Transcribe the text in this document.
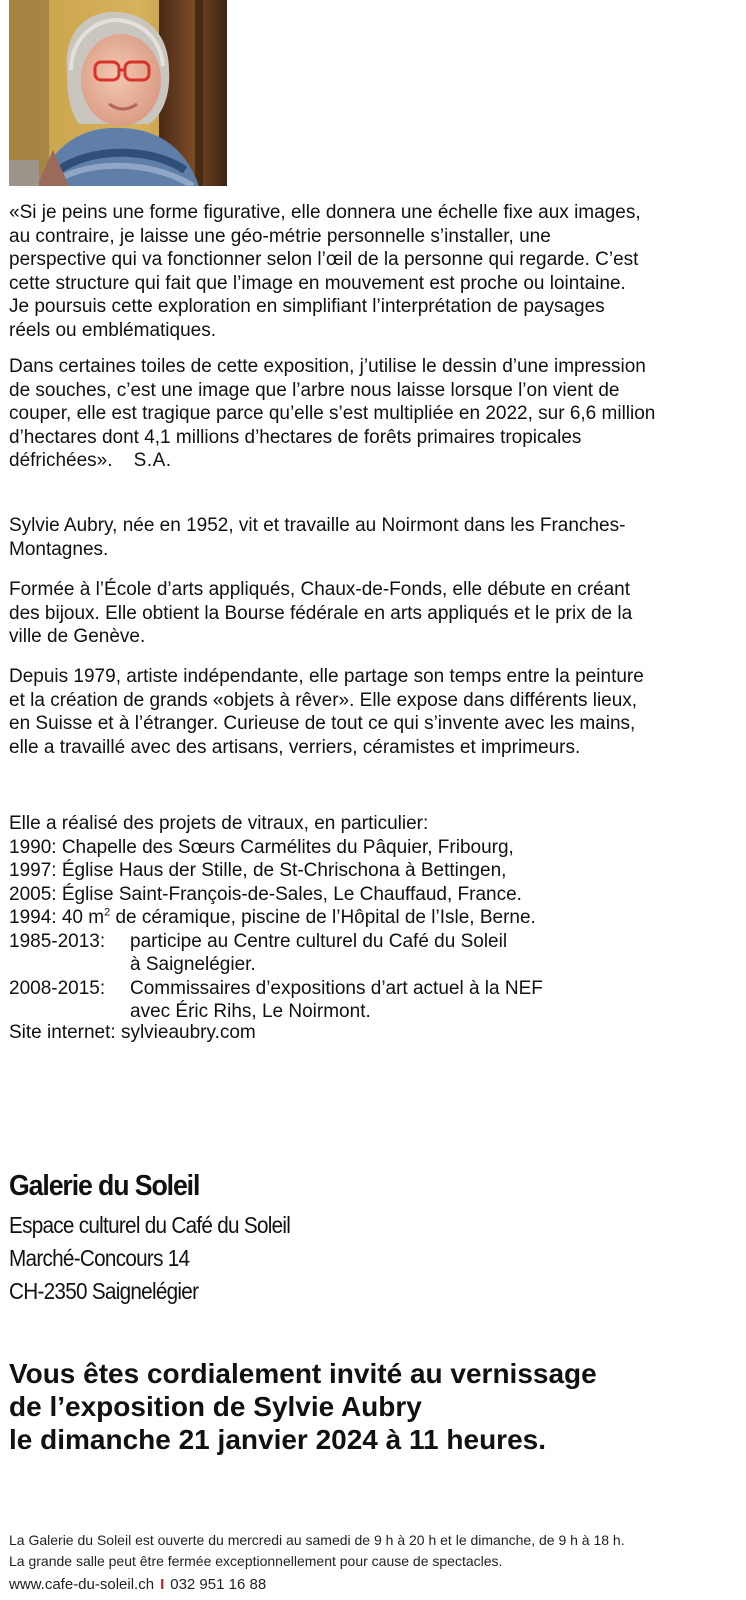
«Si je peins une forme figurative, elle donnera une échelle fixe aux images, au contraire, je laisse une géo-métrie personnelle s’installer, une perspective qui va fonctionner selon l’œil de la personne qui regarde. C’est cette structure qui fait que l’image en mouvement est proche ou lointaine. Je poursuis cette exploration en simplifiant l’interprétation de paysages réels ou emblématiques.

Dans certaines toiles de cette exposition, j’utilise le dessin d’une impression de souches, c’est une image que l’arbre nous laisse lorsque l’on vient de couper, elle est tragique parce qu’elle s’est multipliée en 2022, sur 6,6 million d’hectares dont 4,1 millions d’hectares de forêts primaires tropicales défrichées». S.A.

Sylvie Aubry, née en 1952, vit et travaille au Noirmont dans les Franches-Montagnes.

Formée à l’École d’arts appliqués, Chaux-de-Fonds, elle débute en créant des bijoux. Elle obtient la Bourse fédérale en arts appliqués et le prix de la ville de Genève.

Depuis 1979, artiste indépendante, elle partage son temps entre la peinture et la création de grands «objets à rêver». Elle expose dans différents lieux, en Suisse et à l’étranger. Curieuse de tout ce qui s’invente avec les mains, elle a travaillé avec des artisans, verriers, céramistes et imprimeurs.

Elle a réalisé des projets de vitraux, en particulier:
1990:
Chapelle des Sœurs Carmélites du Pâquier, Fribourg,
1997:
Église Haus der Stille, de St-Chrischona à Bettingen,
2005:
Église Saint-François-de-Sales, Le Chauffaud, France.
1994:
40 $m^2$ de céramique, piscine de l’Hôpital de l’Isle, Berne.
1985-2013:	participe au Centre culturel du Café du Soleil
à Saignelégier.
2008-2015:	Commissaires d’expositions d’art actuel à la NEF
avec Éric Rihs, Le Noirmont.

Site internet: sylvieaubry.com

Galerie du Soleil
Espace culturel du Café du Soleil
Marché-Concours 14
CH-2350 Saignelégier
Vous êtes cordialement invité au vernissage
de l’exposition de Sylvie Aubry
le dimanche 21 janvier 2024 à 11 heures.
La Galerie du Soleil est ouverte du mercredi au samedi de 9 h à 20 h et le dimanche, de 9 h à 18 h.
La grande salle peut être fermée exceptionnellement pour cause de spectacles.
www.cafe-du-soleil.ch I 032 951 16 88
